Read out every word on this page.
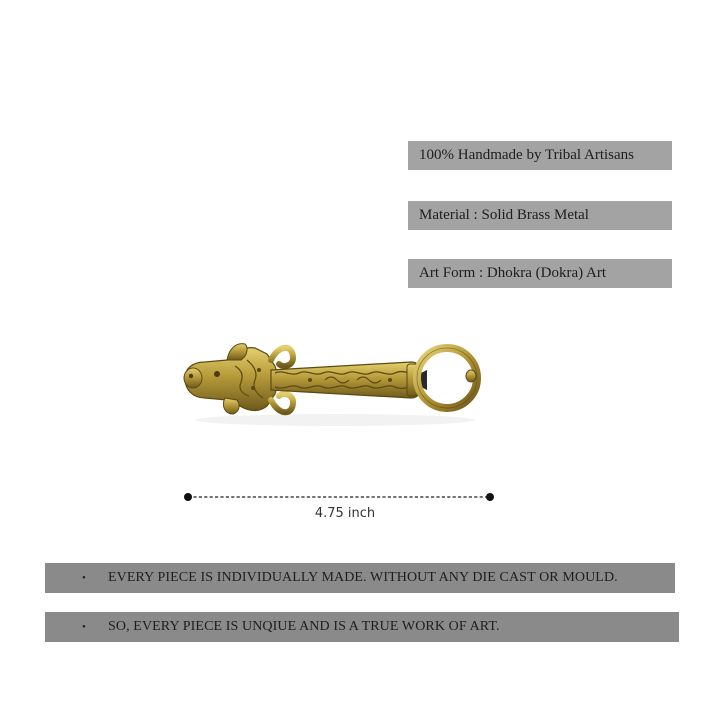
100% Handmade by Tribal Artisans
Material : Solid Brass Metal
Art Form : Dhokra (Dokra) Art
4.75 inch
• EVERY PIECE IS INDIVIDUALLY MADE. WITHOUT ANY DIE CAST OR MOULD.
• SO, EVERY PIECE IS UNQIUE AND IS A TRUE WORK OF ART.
